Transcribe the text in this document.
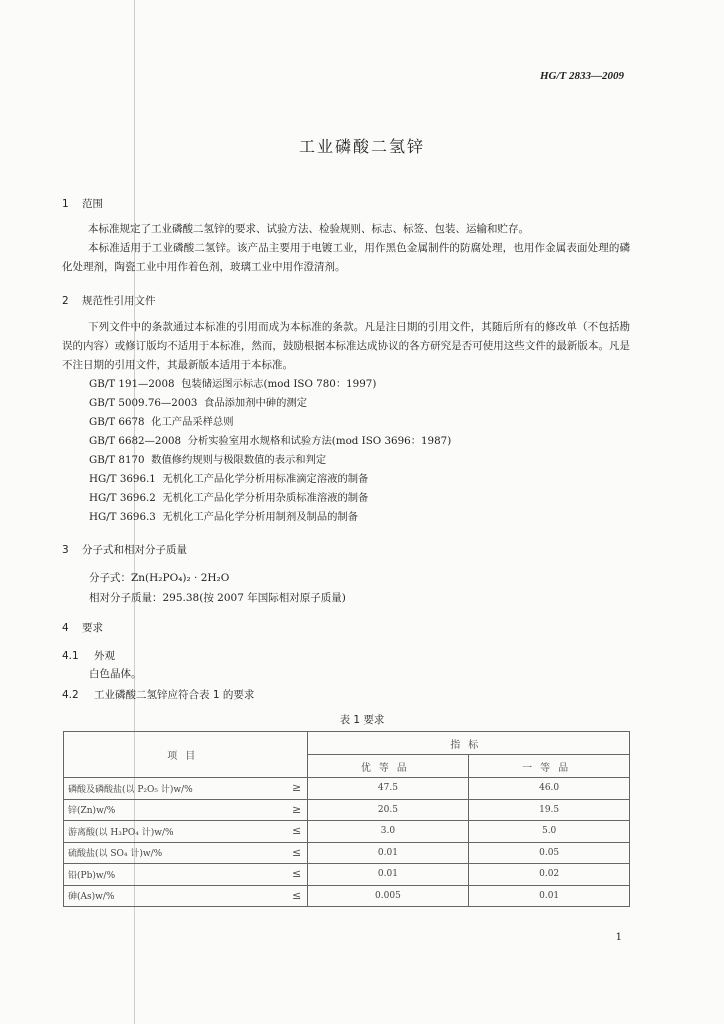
HG/T 2833—2009
工业磷酸二氢锌
1 范围
本标准规定了工业磷酸二氢锌的要求、试验方法、检验规则、标志、标签、包装、运输和贮存。
本标准适用于工业磷酸二氢锌。该产品主要用于电镀工业，用作黑色金属制件的防腐处理，也用作金属表面处理的磷化处理剂，陶瓷工业中用作着色剂，玻璃工业中用作澄清剂。
2 规范性引用文件
下列文件中的条款通过本标准的引用而成为本标准的条款。凡是注日期的引用文件，其随后所有的修改单（不包括勘误的内容）或修订版均不适用于本标准，然而，鼓励根据本标准达成协议的各方研究是否可使用这些文件的最新版本。凡是不注日期的引用文件，其最新版本适用于本标准。
GB/T 191—2008 包装储运图示标志(mod ISO 780：1997)
GB/T 5009.76—2003 食品添加剂中砷的测定
GB/T 6678 化工产品采样总则
GB/T 6682—2008 分析实验室用水规格和试验方法(mod ISO 3696：1987)
GB/T 8170 数值修约规则与极限数值的表示和判定
HG/T 3696.1 无机化工产品化学分析用标准滴定溶液的制备
HG/T 3696.2 无机化工产品化学分析用杂质标准溶液的制备
HG/T 3696.3 无机化工产品化学分析用制剂及制品的制备
3 分子式和相对分子质量
分子式：Zn(H₂PO₄)₂ · 2H₂O
相对分子质量：295.38(按 2007 年国际相对原子质量)
4 要求
4.1 外观
白色晶体。
4.2 工业磷酸二氢锌应符合表 1 的要求
表 1 要求
项目	指标	
	优等品	一等品
磷酸及磷酸盐(以 P₂O₅ 计)w/% ≥	47.5	46.0
锌(Zn)w/% ≥	20.5	19.5
游离酸(以 H₃PO₄ 计)w/% ≤	3.0	5.0
硫酸盐(以 SO₄ 计)w/% ≤	0.01	0.05
铅(Pb)w/% ≤	0.01	0.02
砷(As)w/% ≤	0.005	0.01
1
